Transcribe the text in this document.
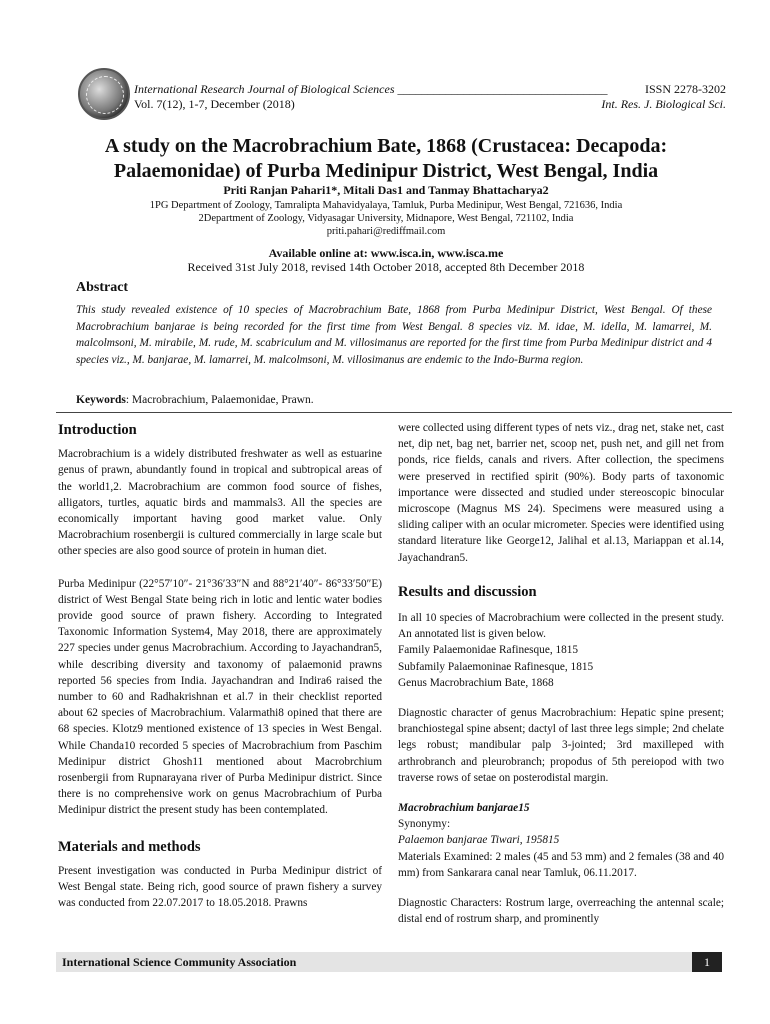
International Research Journal of Biological Sciences ___________________________________
Vol. 7(12), 1-7, December (2018)
ISSN 2278-3202
Int. Res. J. Biological Sci.
A study on the Macrobrachium Bate, 1868 (Crustacea: Decapoda:
Palaemonidae) of Purba Medinipur District, West Bengal, India
Priti Ranjan Pahari1*, Mitali Das1 and Tanmay Bhattacharya2
1PG Department of Zoology, Tamralipta Mahavidyalaya, Tamluk, Purba Medinipur, West Bengal, 721636, India
2Department of Zoology, Vidyasagar University, Midnapore, West Bengal, 721102, India
priti.pahari@rediffmail.com
Available online at: www.isca.in, www.isca.me
Received 31st July 2018, revised 14th October 2018, accepted 8th December 2018
Abstract
This study revealed existence of 10 species of Macrobrachium Bate, 1868 from Purba Medinipur District, West Bengal. Of these Macrobrachium banjarae is being recorded for the first time from West Bengal. 8 species viz. M. idae, M. idella, M. lamarrei, M. malcolmsoni, M. mirabile, M. rude, M. scabriculum and M. villosimanus are reported for the first time from Purba Medinipur district and 4 species viz., M. banjarae, M. lamarrei, M. malcolmsoni, M. villosimanus are endemic to the Indo-Burma region.
Keywords: Macrobrachium, Palaemonidae, Prawn.
Introduction

Macrobrachium is a widely distributed freshwater as well as estuarine genus of prawn, abundantly found in tropical and subtropical areas of the world1,2. Macrobrachium are common food source of fishes, alligators, turtles, aquatic birds and mammals3. All the species are economically important having good market value. Only Macrobrachium rosenbergii is cultured commercially in large scale but other species are also good source of protein in human diet.

Purba Medinipur (22°57′10″- 21°36′33″N and 88°21′40″- 86°33′50″E) district of West Bengal State being rich in lotic and lentic water bodies provide good source of prawn fishery. According to Integrated Taxonomic Information System4, May 2018, there are approximately 227 species under genus Macrobrachium. According to Jayachandran5, while describing diversity and taxonomy of palaemonid prawns reported 56 species from India. Jayachandran and Indira6 raised the number to 60 and Radhakrishnan et al.7 in their checklist reported about 62 species of Macrobrachium. Valarmathi8 opined that there are 68 species. Klotz9 mentioned existence of 13 species in West Bengal. While Chanda10 recorded 5 species of Macrobrachium from Paschim Medinipur district Ghosh11 mentioned about Macrobrchium rosenbergii from Rupnarayana river of Purba Medinipur district. Since there is no comprehensive work on genus Macrobrachium of Purba Medinipur district the present study has been contemplated.

Materials and methods

Present investigation was conducted in Purba Medinipur district of West Bengal state. Being rich, good source of prawn fishery a survey was conducted from 22.07.2017 to 18.05.2018. Prawns

were collected using different types of nets viz., drag net, stake net, cast net, dip net, bag net, barrier net, scoop net, push net, and gill net from ponds, rice fields, canals and rivers. After collection, the specimens were preserved in rectified spirit (90%). Body parts of taxonomic importance were dissected and studied under stereoscopic binocular microscope (Magnus MS 24). Specimens were measured using a sliding caliper with an ocular micrometer. Species were identified using standard literature like George12, Jalihal et al.13, Mariappan et al.14, Jayachandran5.

Results and discussion

In all 10 species of Macrobrachium were collected in the present study. An annotated list is given below.

Family Palaemonidae Rafinesque, 1815

Subfamily Palaemoninae Rafinesque, 1815

Genus Macrobrachium Bate, 1868

Diagnostic character of genus Macrobrachium: Hepatic spine present; branchiostegal spine absent; dactyl of last three legs simple; 2nd chelate legs robust; mandibular palp 3-jointed; 3rd maxilleped with arthrobranch and pleurobranch; propodus of 5th pereiopod with two traverse rows of setae on posterodistal margin.

Macrobrachium banjarae15

Synonymy:

Palaemon banjarae Tiwari, 195815

Materials Examined: 2 males (45 and 53 mm) and 2 females (38 and 40 mm) from Sankarara canal near Tamluk, 06.11.2017.

Diagnostic Characters: Rostrum large, overreaching the antennal scale; distal end of rostrum sharp, and prominently

International Science Community Association	1
